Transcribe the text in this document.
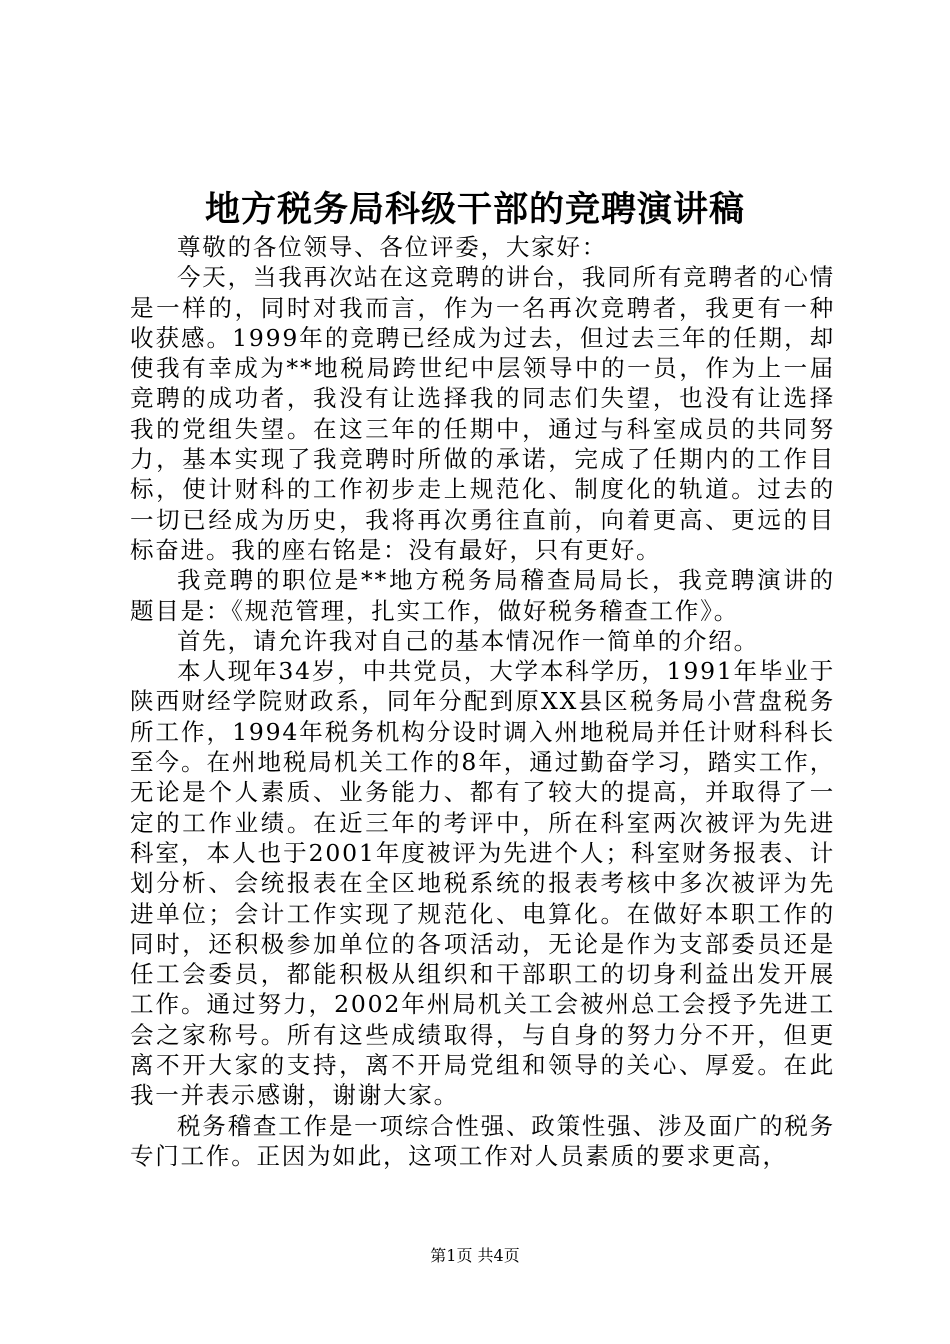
地方税务局科级干部的竞聘演讲稿

尊敬的各位领导、各位评委，大家好：

今天，当我再次站在这竞聘的讲台，我同所有竞聘者的心情是一样的，同时对我而言，作为一名再次竞聘者，我更有一种收获感。1999年的竞聘已经成为过去，但过去三年的任期，却使我有幸成为**地税局跨世纪中层领导中的一员，作为上一届竞聘的成功者，我没有让选择我的同志们失望，也没有让选择我的党组失望。在这三年的任期中，通过与科室成员的共同努力，基本实现了我竞聘时所做的承诺，完成了任期内的工作目标，使计财科的工作初步走上规范化、制度化的轨道。过去的一切已经成为历史，我将再次勇往直前，向着更高、更远的目标奋进。我的座右铭是：没有最好，只有更好。

我竞聘的职位是**地方税务局稽查局局长，我竞聘演讲的题目是：《规范管理，扎实工作，做好税务稽查工作》。

首先，请允许我对自己的基本情况作一简单的介绍。

本人现年34岁，中共党员，大学本科学历，1991年毕业于陕西财经学院财政系，同年分配到原XX县区税务局小营盘税务所工作，1994年税务机构分设时调入州地税局并任计财科科长至今。在州地税局机关工作的8年，通过勤奋学习，踏实工作，无论是个人素质、业务能力、都有了较大的提高，并取得了一定的工作业绩。在近三年的考评中，所在科室两次被评为先进科室，本人也于2001年度被评为先进个人；科室财务报表、计划分析、会统报表在全区地税系统的报表考核中多次被评为先进单位；会计工作实现了规范化、电算化。在做好本职工作的同时，还积极参加单位的各项活动，无论是作为支部委员还是任工会委员，都能积极从组织和干部职工的切身利益出发开展工作。通过努力，2002年州局机关工会被州总工会授予先进工会之家称号。所有这些成绩取得，与自身的努力分不开，但更离不开大家的支持，离不开局党组和领导的关心、厚爱。在此我一并表示感谢，谢谢大家。

税务稽查工作是一项综合性强、政策性强、涉及面广的税务专门工作。正因为如此，这项工作对人员素质的要求更高，

第1页 共4页
